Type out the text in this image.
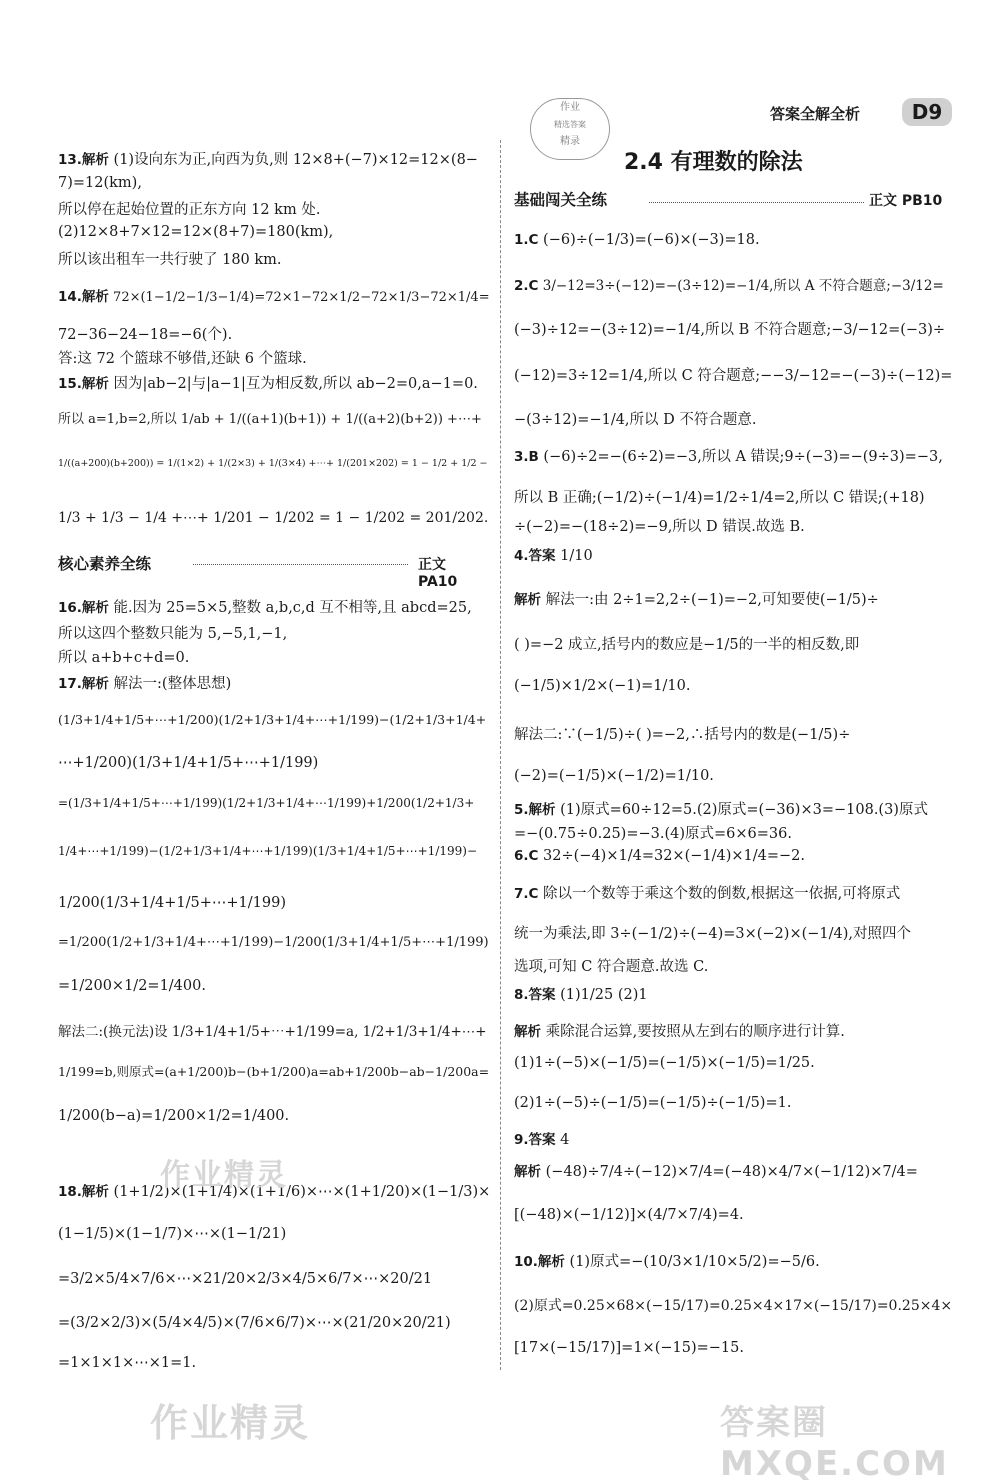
作业
精选答案
精录
答案全解全析	D9
核心素养全练	正文 PA10
13.解析 (1)设向东为正,向西为负,则 12×8+(−7)×12=12×(8−
7)=12(km),
所以停在起始位置的正东方向 12 km 处.
(2)12×8+7×12=12×(8+7)=180(km),
所以该出租车一共行驶了 180 km.
14.解析 72×(1−1/2−1/3−1/4)=72×1−72×1/2−72×1/3−72×1/4=
72−36−24−18=−6(个).
答:这 72 个篮球不够借,还缺 6 个篮球.
15.解析 因为|ab−2|与|a−1|互为相反数,所以 ab−2=0,a−1=0.
所以 a=1,b=2,所以 1/ab + 1/((a+1)(b+1)) + 1/((a+2)(b+2)) +⋯+
1/((a+200)(b+200)) = 1/(1×2) + 1/(2×3) + 1/(3×4) +⋯+ 1/(201×202) = 1 − 1/2 + 1/2 −
1/3 + 1/3 − 1/4 +⋯+ 1/201 − 1/202 = 1 − 1/202 = 201/202.
16.解析 能.因为 25=5×5,整数 a,b,c,d 互不相等,且 abcd=25,
所以这四个整数只能为 5,−5,1,−1,
所以 a+b+c+d=0.
17.解析 解法一:(整体思想)
(1/3+1/4+1/5+⋯+1/200)(1/2+1/3+1/4+⋯+1/199)−(1/2+1/3+1/4+
⋯+1/200)(1/3+1/4+1/5+⋯+1/199)
=(1/3+1/4+1/5+⋯+1/199)(1/2+1/3+1/4+⋯1/199)+1/200(1/2+1/3+
1/4+⋯+1/199)−(1/2+1/3+1/4+⋯+1/199)(1/3+1/4+1/5+⋯+1/199)−
1/200(1/3+1/4+1/5+⋯+1/199)
=1/200(1/2+1/3+1/4+⋯+1/199)−1/200(1/3+1/4+1/5+⋯+1/199)
=1/200×1/2=1/400.
解法二:(换元法)设 1/3+1/4+1/5+⋯+1/199=a, 1/2+1/3+1/4+⋯+
1/199=b,则原式=(a+1/200)b−(b+1/200)a=ab+1/200b−ab−1/200a=
1/200(b−a)=1/200×1/2=1/400.
18.解析 (1+1/2)×(1+1/4)×(1+1/6)×⋯×(1+1/20)×(1−1/3)×
(1−1/5)×(1−1/7)×⋯×(1−1/21)
=3/2×5/4×7/6×⋯×21/20×2/3×4/5×6/7×⋯×20/21
=(3/2×2/3)×(5/4×4/5)×(7/6×6/7)×⋯×(21/20×20/21)
=1×1×1×⋯×1=1.
2.4 有理数的除法
基础闯关全练	正文 PB10
1.C (−6)÷(−1/3)=(−6)×(−3)=18.
2.C 3/−12=3÷(−12)=−(3÷12)=−1/4,所以 A 不符合题意;−3/12=
(−3)÷12=−(3÷12)=−1/4,所以 B 不符合题意;−3/−12=(−3)÷
(−12)=3÷12=1/4,所以 C 符合题意;−−3/−12=−(−3)÷(−12)=
−(3÷12)=−1/4,所以 D 不符合题意.
3.B (−6)÷2=−(6÷2)=−3,所以 A 错误;9÷(−3)=−(9÷3)=−3,
所以 B 正确;(−1/2)÷(−1/4)=1/2÷1/4=2,所以 C 错误;(+18)
÷(−2)=−(18÷2)=−9,所以 D 错误.故选 B.
4.答案 1/10
解析 解法一:由 2÷1=2,2÷(−1)=−2,可知要使(−1/5)÷
( )=−2 成立,括号内的数应是−1/5的一半的相反数,即
(−1/5)×1/2×(−1)=1/10.
解法二:∵(−1/5)÷( )=−2,∴括号内的数是(−1/5)÷
(−2)=(−1/5)×(−1/2)=1/10.
5.解析 (1)原式=60÷12=5.(2)原式=(−36)×3=−108.(3)原式
=−(0.75÷0.25)=−3.(4)原式=6×6=36.
6.C 32÷(−4)×1/4=32×(−1/4)×1/4=−2.
7.C 除以一个数等于乘这个数的倒数,根据这一依据,可将原式
统一为乘法,即 3÷(−1/2)÷(−4)=3×(−2)×(−1/4),对照四个
选项,可知 C 符合题意.故选 C.
8.答案 (1)1/25 (2)1
解析 乘除混合运算,要按照从左到右的顺序进行计算.
(1)1÷(−5)×(−1/5)=(−1/5)×(−1/5)=1/25.
(2)1÷(−5)÷(−1/5)=(−1/5)÷(−1/5)=1.
9.答案 4
解析 (−48)÷7/4÷(−12)×7/4=(−48)×4/7×(−1/12)×7/4=
[(−48)×(−1/12)]×(4/7×7/4)=4.
10.解析 (1)原式=−(10/3×1/10×5/2)=−5/6.
(2)原式=0.25×68×(−15/17)=0.25×4×17×(−15/17)=0.25×4×
[17×(−15/17)]=1×(−15)=−15.
作业精灵
作业精灵	答案圈 MXQE.COM
